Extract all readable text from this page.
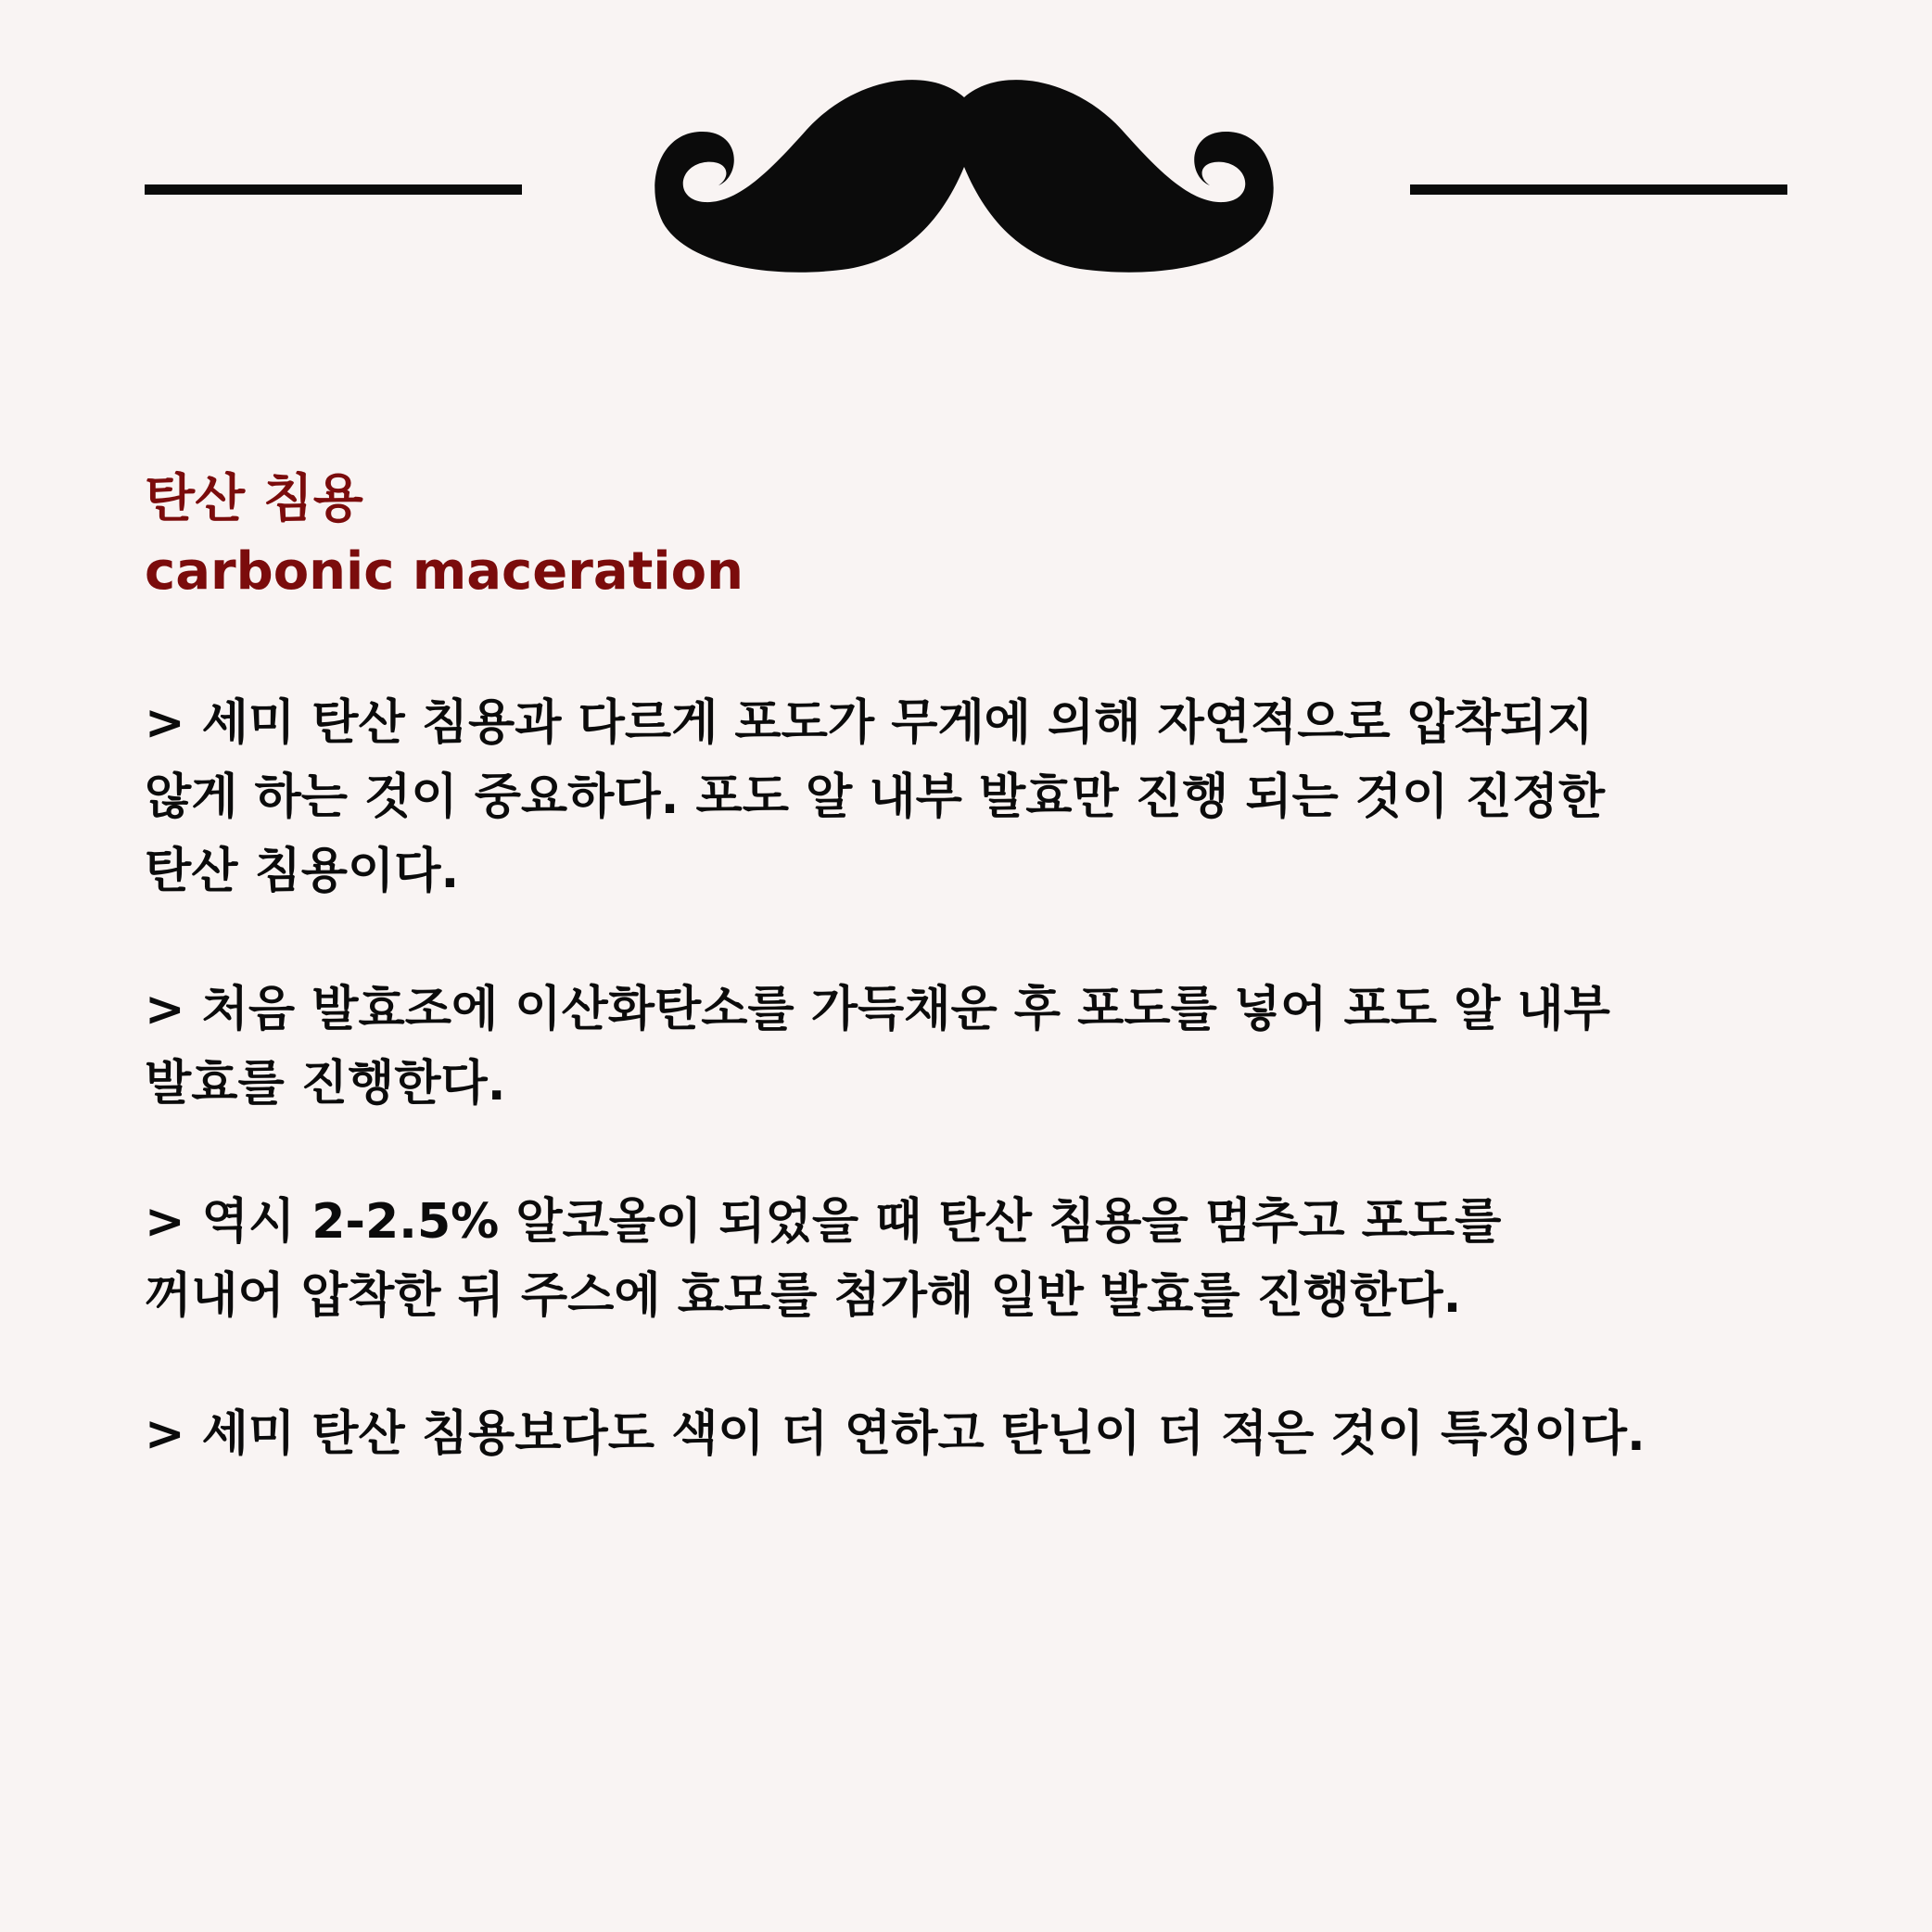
탄산 침용
carbonic maceration

> 세미 탄산 침용과 다르게 포도가 무게에 의해 자연적으로 압착되지
않게 하는 것이 중요하다. 포도 알 내부 발효만 진행 되는 것이 진정한
탄산 침용이다.

> 처음 발효조에 이산화탄소를 가득채운 후 포도를 넣어 포도 알 내부
발효를 진행한다.

> 역시 2-2.5% 알코올이 되었을 때 탄산 침용을 멈추고 포도를
꺼내어 압착한 뒤 주스에 효모를 첨가해 일반 발효를 진행한다.

> 세미 탄산 침용보다도 색이 더 연하고 탄닌이 더 적은 것이 특징이다.
